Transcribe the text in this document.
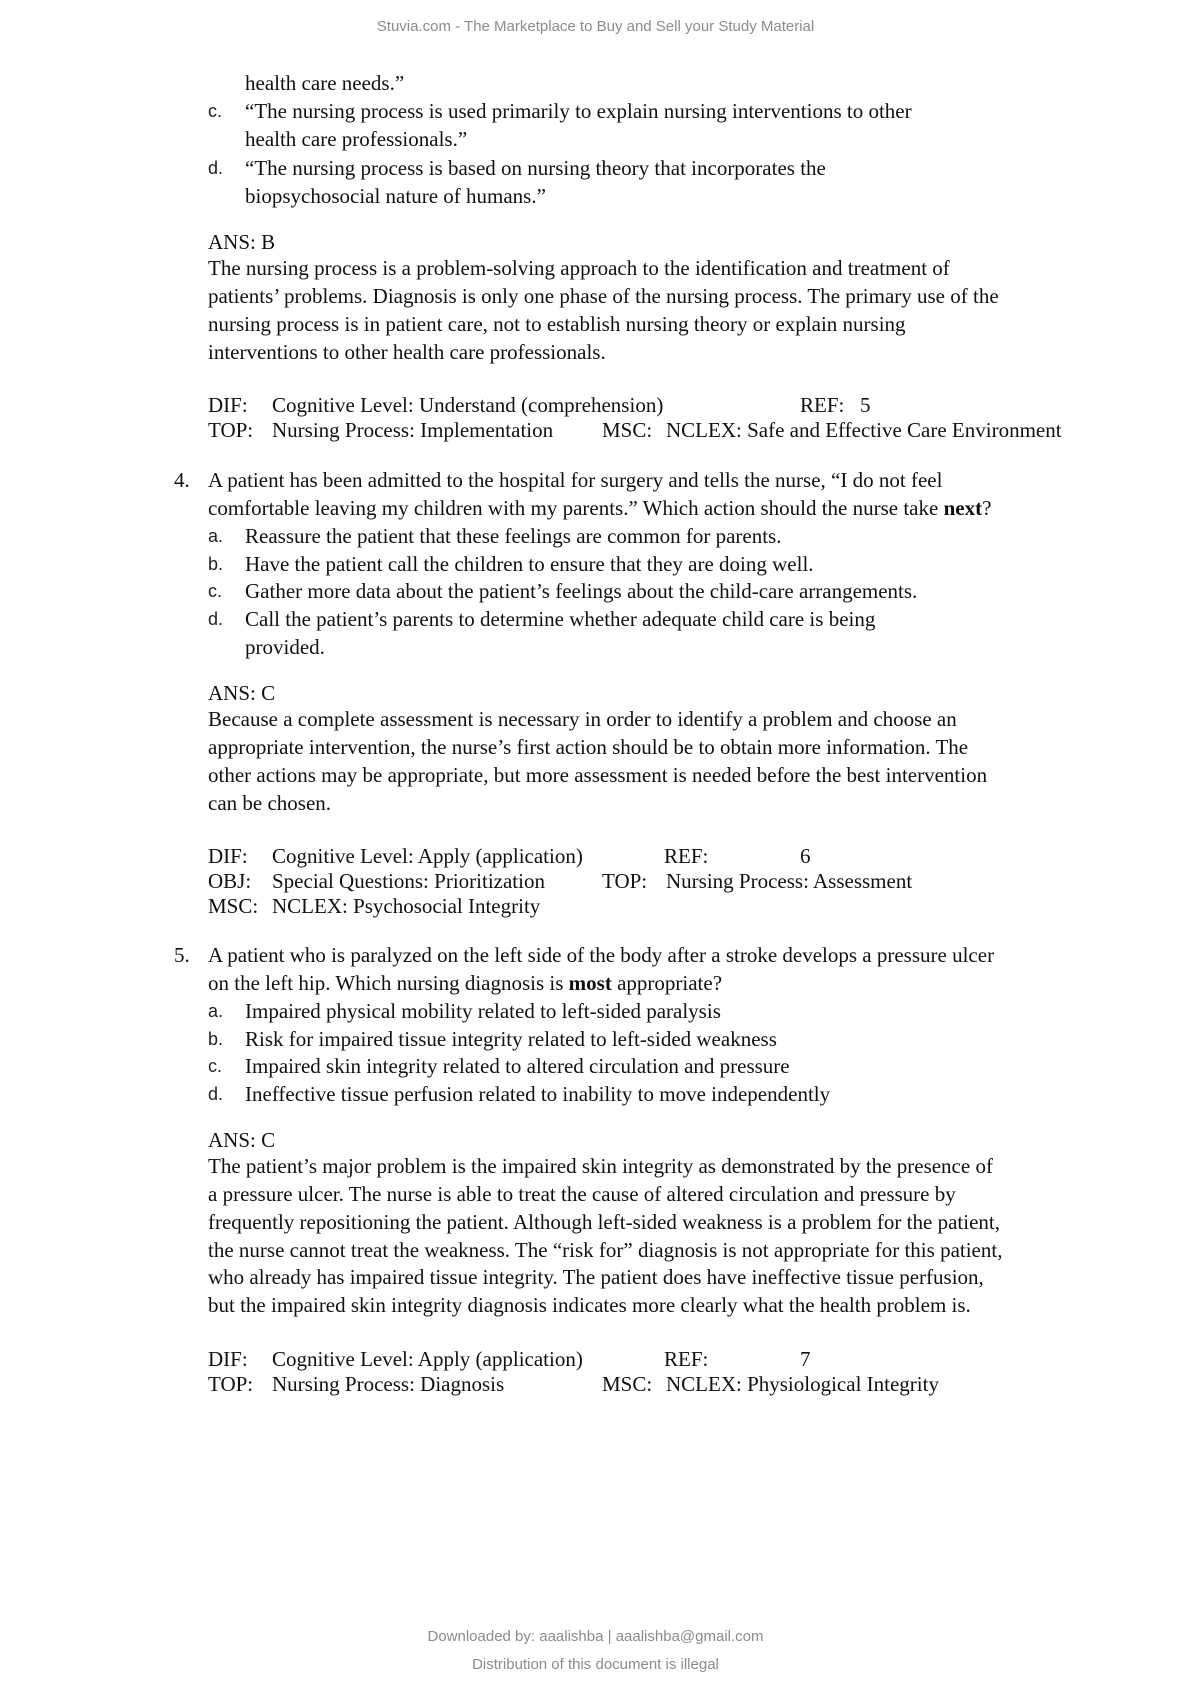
Stuvia.com - The Marketplace to Buy and Sell your Study Material
health care needs.”
c. “The nursing process is used primarily to explain nursing interventions to other
health care professionals.”
d. “The nursing process is based on nursing theory that incorporates the
biopsychosocial nature of humans.”
ANS: B
The nursing process is a problem-solving approach to the identification and treatment of
patients’ problems. Diagnosis is only one phase of the nursing process. The primary use of the
nursing process is in patient care, not to establish nursing theory or explain nursing
interventions to other health care professionals.
DIF: Cognitive Level: Understand (comprehension)	REF: 5
TOP: Nursing Process: Implementation MSC: NCLEX: Safe and Effective Care Environment
4. A patient has been admitted to the hospital for surgery and tells the nurse, “I do not feel
comfortable leaving my children with my parents.” Which action should the nurse take next?
a. Reassure the patient that these feelings are common for parents.
b. Have the patient call the children to ensure that they are doing well.
c. Gather more data about the patient’s feelings about the child-care arrangements.
d. Call the patient’s parents to determine whether adequate child care is being
provided.
ANS: C
Because a complete assessment is necessary in order to identify a problem and choose an
appropriate intervention, the nurse’s first action should be to obtain more information. The
other actions may be appropriate, but more assessment is needed before the best intervention
can be chosen.
DIF: Cognitive Level: Apply (application)	REF:	6
OBJ: Special Questions: Prioritization	TOP: Nursing Process: Assessment
MSC: NCLEX: Psychosocial Integrity
5. A patient who is paralyzed on the left side of the body after a stroke develops a pressure ulcer
on the left hip. Which nursing diagnosis is most appropriate?
a. Impaired physical mobility related to left-sided paralysis
b. Risk for impaired tissue integrity related to left-sided weakness
c. Impaired skin integrity related to altered circulation and pressure
d. Ineffective tissue perfusion related to inability to move independently
ANS: C
The patient’s major problem is the impaired skin integrity as demonstrated by the presence of
a pressure ulcer. The nurse is able to treat the cause of altered circulation and pressure by
frequently repositioning the patient. Although left-sided weakness is a problem for the patient,
the nurse cannot treat the weakness. The “risk for” diagnosis is not appropriate for this patient,
who already has impaired tissue integrity. The patient does have ineffective tissue perfusion,
but the impaired skin integrity diagnosis indicates more clearly what the health problem is.
DIF: Cognitive Level: Apply (application)	REF:	7
TOP: Nursing Process: Diagnosis	MSC: NCLEX: Physiological Integrity
Downloaded by: aaalishba | aaalishba@gmail.com
Distribution of this document is illegal
